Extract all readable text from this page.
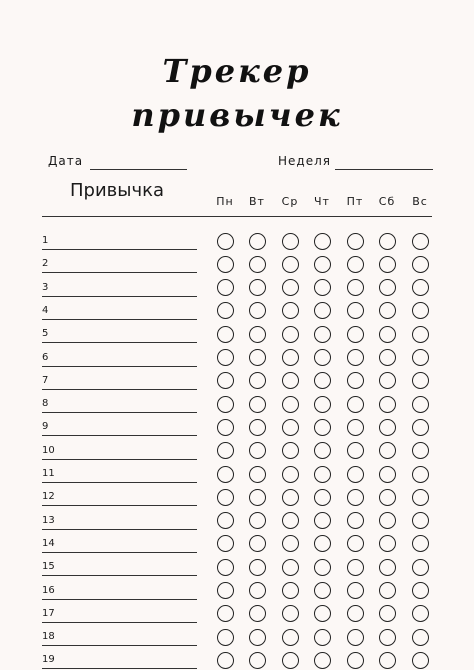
Трекер
привычек
Дата	Неделя
Привычка
Пн	Вт	Ср	Чт	Пт	Сб	Вс
1
2
3
4
5
6
7
8
9
10
11
12
13
14
15
16
17
18
19
